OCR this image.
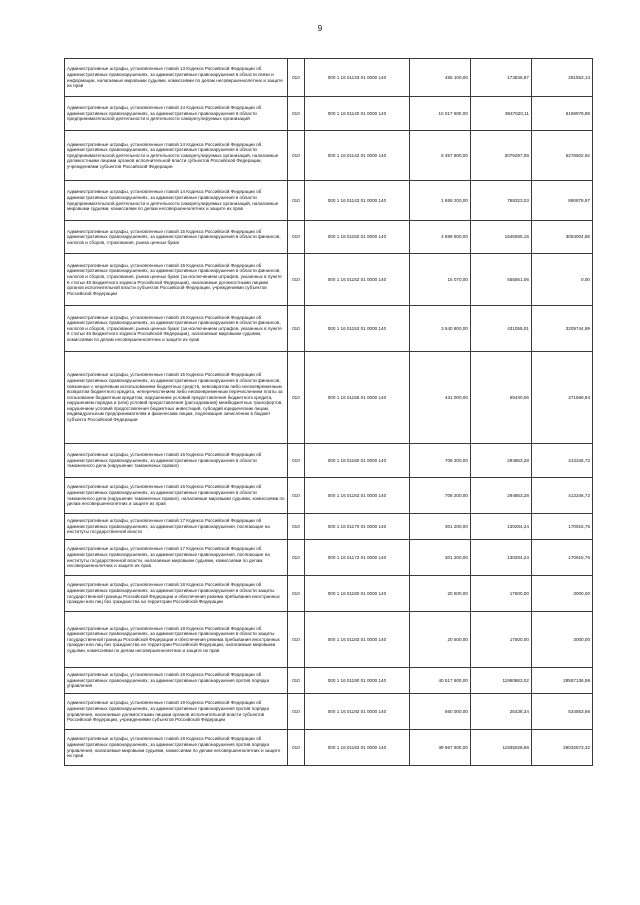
9
Административные штрафы, установленные главой 13 Кодекса Российской Федерации об административных правонарушениях, за административные правонарушения в области связи и информации, налагаемые мировыми судьями, комиссиями по делам несовершеннолетних и защите их прав	010	000 1 16 01133 01 0000 140	455 100,00	173846,87	281553,13
Административные штрафы, установленные главой 14 Кодекса Российской Федерации об административных правонарушениях, за административные правонарушения в области предпринимательской деятельности и деятельности саморегулируемых организаций	010	000 1 16 01140 01 0000 140	10 017 600,00	3847620,11	6169979,89
Административные штрафы, установленные главой 14 Кодекса Российской Федерации об административных правонарушениях, за административные правонарушения в области предпринимательской деятельности и деятельности саморегулируемых организаций, налагаемые должностными лицами органов исполнительной власти субъектов Российской Федерации, учреждениями субъектов Российской Федерации	010	000 1 16 01142 01 0000 140	8 357 800,00	3079297,08	5278502,92
Административные штрафы, установленные главой 14 Кодекса Российской Федерации об административных правонарушениях, за административные правонарушения в области предпринимательской деятельности и деятельности саморегулируемых организаций, налагаемые мировыми судьями, комиссиями по делам несовершеннолетних и защите их прав	010	000 1 16 01143 01 0000 140	1 659 200,00	768323,03	890876,97
Административные штрафы, установленные главой 15 Кодекса Российской Федерации об административных правонарушениях, за административные правонарушения в области финансов, налогов и сборов, страхования, рынка ценных бумаг	010	000 1 16 01150 01 0000 140	4 698 600,00	1645595,15	3053004,85
Административные штрафы, установленные главой 15 Кодекса Российской Федерации об административных правонарушениях, за административные правонарушения в области финансов, налогов и сборов, страхования, рынка ценных бумаг (за исключением штрафов, указанных в пункте 6 статьи 46 Бюджетного кодекса Российской Федерации), налагаемые должностными лицами органов исполнительной власти субъектов Российской Федерации, учреждениями субъектов Российской Федерации	010	000 1 16 01152 01 0000 140	15 070,00	555561,06	0,00
Административные штрафы, установленные главой 15 Кодекса Российской Федерации об административных правонарушениях, за административные правонарушения в области финансов, налогов и сборов, страхования, рынка ценных бумаг (за исключением штрафов, указанных в пункте 6 статьи 46 Бюджетного кодекса Российской Федерации), налагаемые мировыми судьями, комиссиями по делам несовершеннолетних и защите их прав	010	000 1 16 01153 01 0000 140	3 640 800,00	431055,01	3209744,99
Административные штрафы, установленные главой 15 Кодекса Российской Федерации об административных правонарушениях, за административные правонарушения в области финансов, связанные с нецелевым использованием бюджетных средств, невозвратом либо несвоевременным возвратом бюджетного кредита, неперечислением либо несвоевременным перечислением платы за пользование бюджетным кредитом, нарушением условий предоставления бюджетного кредита, нарушением порядка и (или) условий предоставления (расходования) межбюджетных трансфертов, нарушением условий предоставления бюджетных инвестиций, субсидий юридическим лицам, индивидуальным предпринимателям и физическим лицам, подлежащие зачислению в бюджет субъекта Российской Федерации	010	000 1 16 01155 01 0000 140	431 000,00	59430,06	371569,94
Административные штрафы, установленные главой 16 Кодекса Российской Федерации об административных правонарушениях, за административные правонарушения в области таможенного дела (нарушение таможенных правил)	010	000 1 16 01160 01 0000 140	708 200,00	294853,28	413346,72
Административные штрафы, установленные главой 16 Кодекса Российской Федерации об административных правонарушениях, за административные правонарушения в области таможенного дела (нарушение таможенных правил), налагаемые мировыми судьями, комиссиями по делам несовершеннолетних и защите их прав	010	000 1 16 01163 01 0000 140	708 200,00	294853,28	413346,72
Административные штрафы, установленные главой 17 Кодекса Российской Федерации об административных правонарушениях, за административные правонарушения, посягающие на институты государственной власти	010	000 1 16 01170 01 0000 140	301 200,00	130284,24	170915,76
Административные штрафы, установленные главой 17 Кодекса Российской Федерации об административных правонарушениях, за административные правонарушения, посягающие на институты государственной власти, налагаемые мировыми судьями, комиссиями по делам несовершеннолетних и защите их прав	010	000 1 16 01173 01 0000 140	301 200,00	130284,24	170915,76
Административные штрафы, установленные главой 18 Кодекса Российской Федерации об административных правонарушениях, за административные правонарушения в области защиты государственной границы Российской Федерации и обеспечения режима пребывания иностранных граждан или лиц без гражданства на территории Российской Федерации	010	000 1 16 01180 01 0000 140	20 500,00	17500,00	3000,00
Административные штрафы, установленные главой 18 Кодекса Российской Федерации об административных правонарушениях, за административные правонарушения в области защиты государственной границы Российской Федерации и обеспечения режима пребывания иностранных граждан или лиц без гражданства на территории Российской Федерации, налагаемые мировыми судьями, комиссиями по делам несовершеннолетних и защите их прав	010	000 1 16 01183 01 0000 140	20 500,00	17500,00	3000,00
Административные штрафы, установленные главой 19 Кодекса Российской Федерации об административных правонарушениях, за административные правонарушения против порядка управления	010	000 1 16 01190 01 0000 140	40 517 600,00	11960863,02	28557136,98
Административные штрафы, установленные главой 19 Кодекса Российской Федерации об административных правонарушениях, за административные правонарушения против порядка управления, налагаемые должностными лицами органов исполнительной власти субъектов Российской Федерации, учреждениями субъектов Российской Федерации	010	000 1 16 01192 01 0000 140	560 000,00	25438,34	534563,66
Административные штрафы, установленные главой 19 Кодекса Российской Федерации об административных правонарушениях, за административные правонарушения против порядка управления, налагаемые мировыми судьями, комиссиями по делам несовершеннолетних и защите их прав	010	000 1 16 01193 01 0000 140	39 967 600,00	11935028,68	28032573,32
